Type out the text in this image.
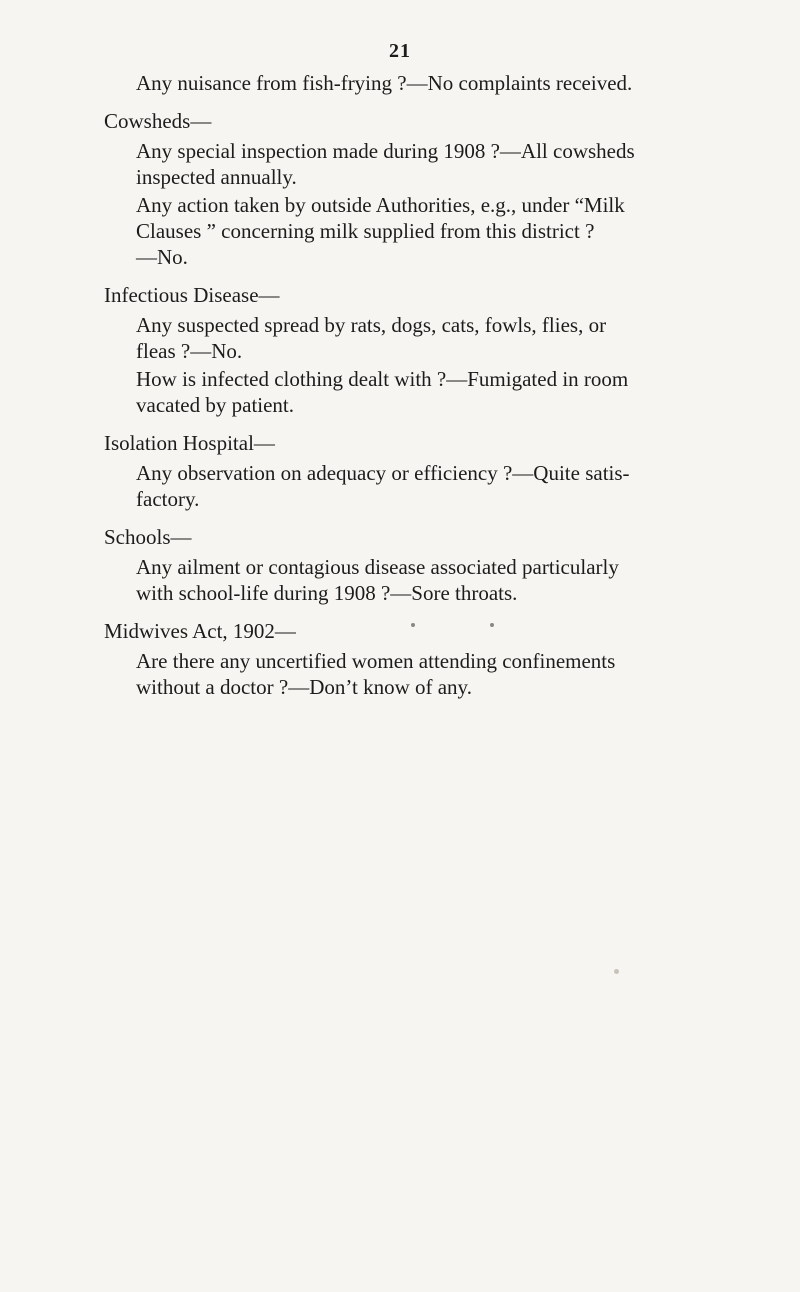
21
Any nuisance from fish-frying ?—No complaints received.
Cowsheds—
Any special inspection made during 1908 ?—All cowsheds
inspected annually.
Any action taken by outside Authorities, e.g., under “Milk
Clauses ” concerning milk supplied from this district ?
—No.
Infectious Disease—
Any suspected spread by rats, dogs, cats, fowls, flies, or
fleas ?—No.
How is infected clothing dealt with ?—Fumigated in room
vacated by patient.
Isolation Hospital—
Any observation on adequacy or efficiency ?—Quite satis-
factory.
Schools—
Any ailment or contagious disease associated particularly
with school-life during 1908 ?—Sore throats.
Midwives Act, 1902—
Are there any uncertified women attending confinements
without a doctor ?—Don’t know of any.
